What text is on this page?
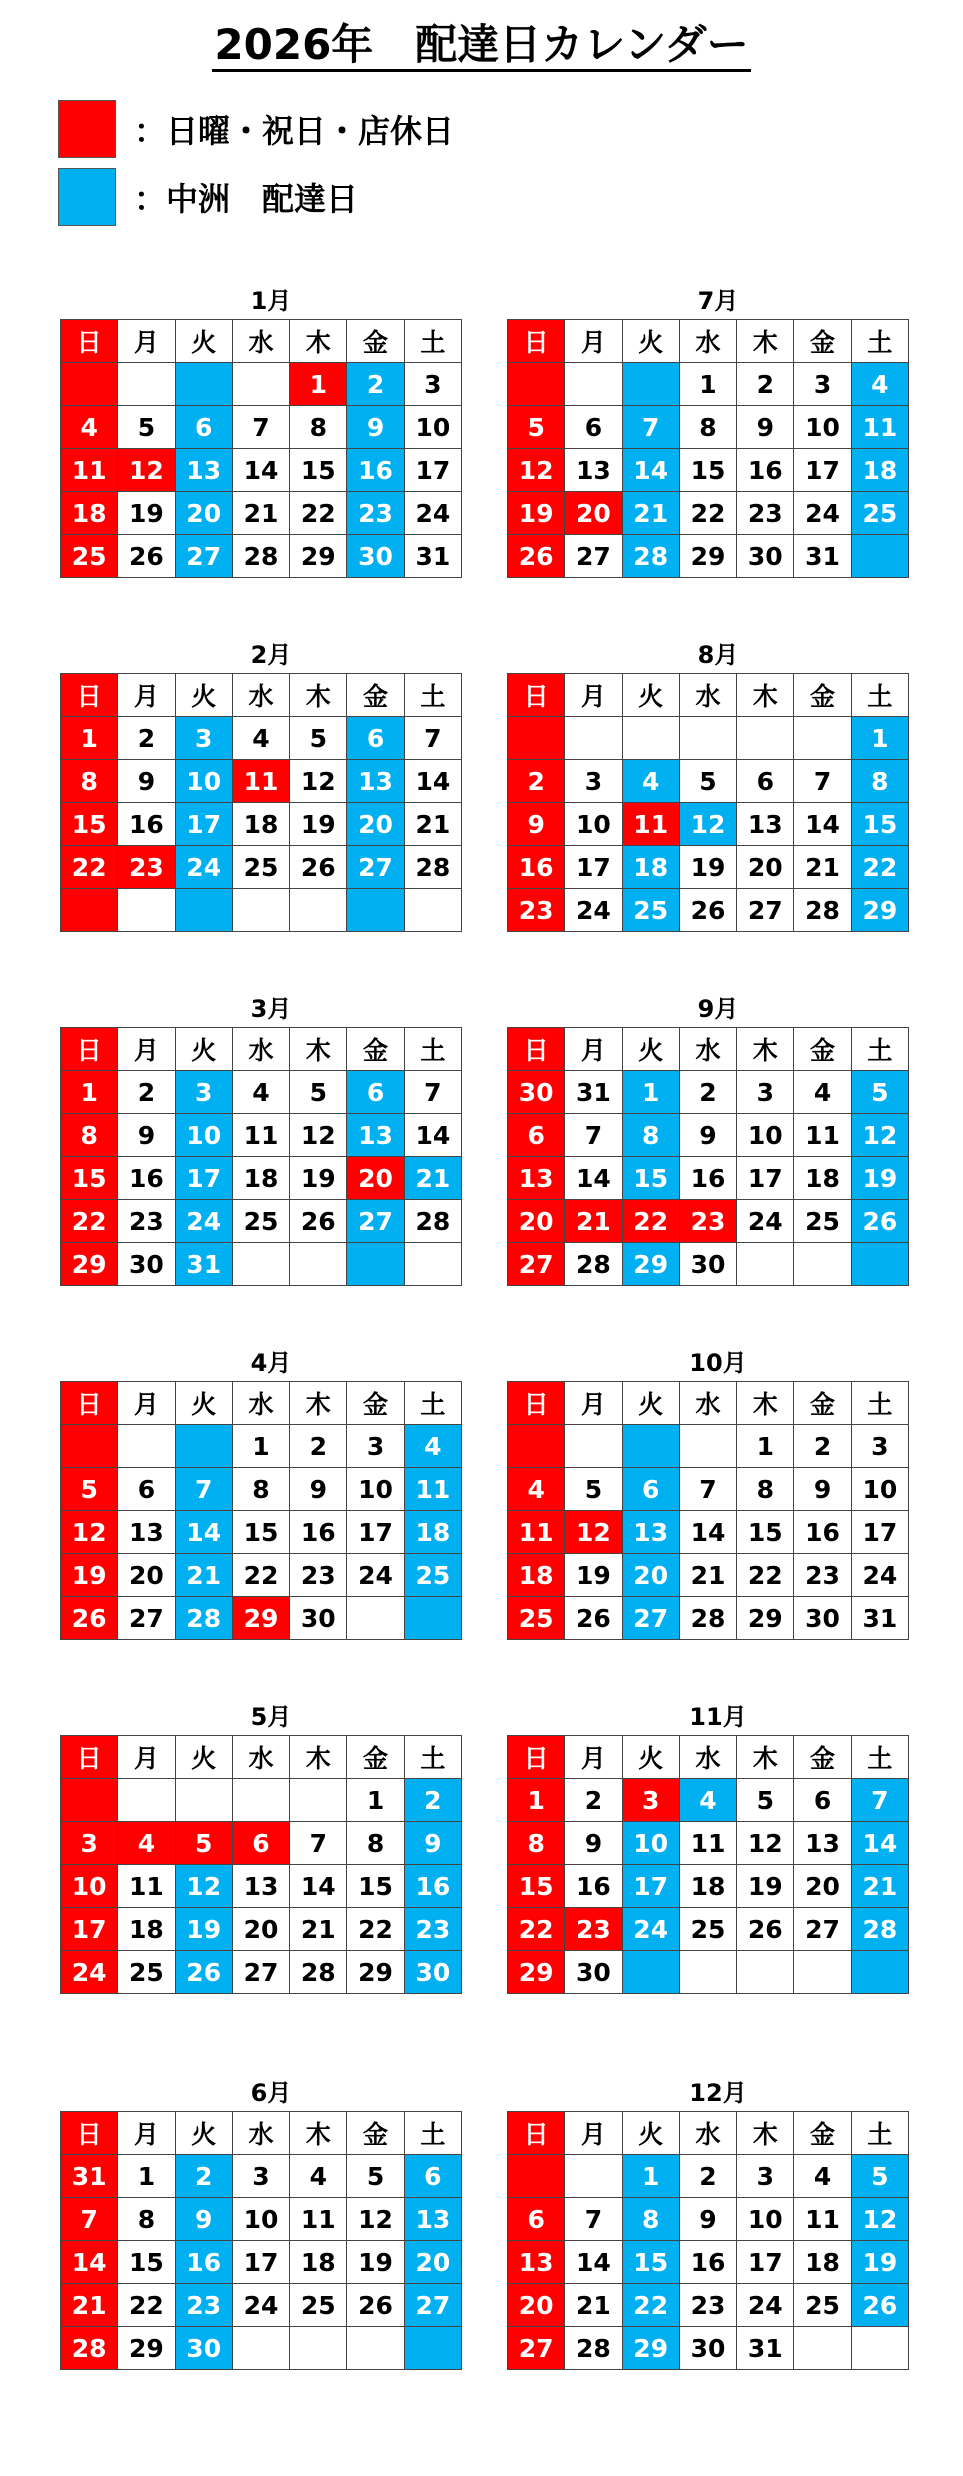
2026年　配達日カレンダー
：日曜・祝日・店休日
：中洲　配達日
1月
日	月	火	水	木	金	土
				1	2	3
4	5	6	7	8	9	10
11	12	13	14	15	16	17
18	19	20	21	22	23	24
25	26	27	28	29	30	31
7月
日	月	火	水	木	金	土
			1	2	3	4
5	6	7	8	9	10	11
12	13	14	15	16	17	18
19	20	21	22	23	24	25
26	27	28	29	30	31	
2月
日	月	火	水	木	金	土
1	2	3	4	5	6	7
8	9	10	11	12	13	14
15	16	17	18	19	20	21
22	23	24	25	26	27	28

8月
日	月	火	水	木	金	土
						1
2	3	4	5	6	7	8
9	10	11	12	13	14	15
16	17	18	19	20	21	22
23	24	25	26	27	28	29
3月
日	月	火	水	木	金	土
1	2	3	4	5	6	7
8	9	10	11	12	13	14
15	16	17	18	19	20	21
22	23	24	25	26	27	28
29	30	31				
9月
日	月	火	水	木	金	土
30	31	1	2	3	4	5
6	7	8	9	10	11	12
13	14	15	16	17	18	19
20	21	22	23	24	25	26
27	28	29	30			
4月
日	月	火	水	木	金	土
			1	2	3	4
5	6	7	8	9	10	11
12	13	14	15	16	17	18
19	20	21	22	23	24	25
26	27	28	29	30		
10月
日	月	火	水	木	金	土
				1	2	3
4	5	6	7	8	9	10
11	12	13	14	15	16	17
18	19	20	21	22	23	24
25	26	27	28	29	30	31
5月
日	月	火	水	木	金	土
					1	2
3	4	5	6	7	8	9
10	11	12	13	14	15	16
17	18	19	20	21	22	23
24	25	26	27	28	29	30
11月
日	月	火	水	木	金	土
1	2	3	4	5	6	7
8	9	10	11	12	13	14
15	16	17	18	19	20	21
22	23	24	25	26	27	28
29	30					
6月
日	月	火	水	木	金	土
31	1	2	3	4	5	6
7	8	9	10	11	12	13
14	15	16	17	18	19	20
21	22	23	24	25	26	27
28	29	30				
12月
日	月	火	水	木	金	土
		1	2	3	4	5
6	7	8	9	10	11	12
13	14	15	16	17	18	19
20	21	22	23	24	25	26
27	28	29	30	31		
